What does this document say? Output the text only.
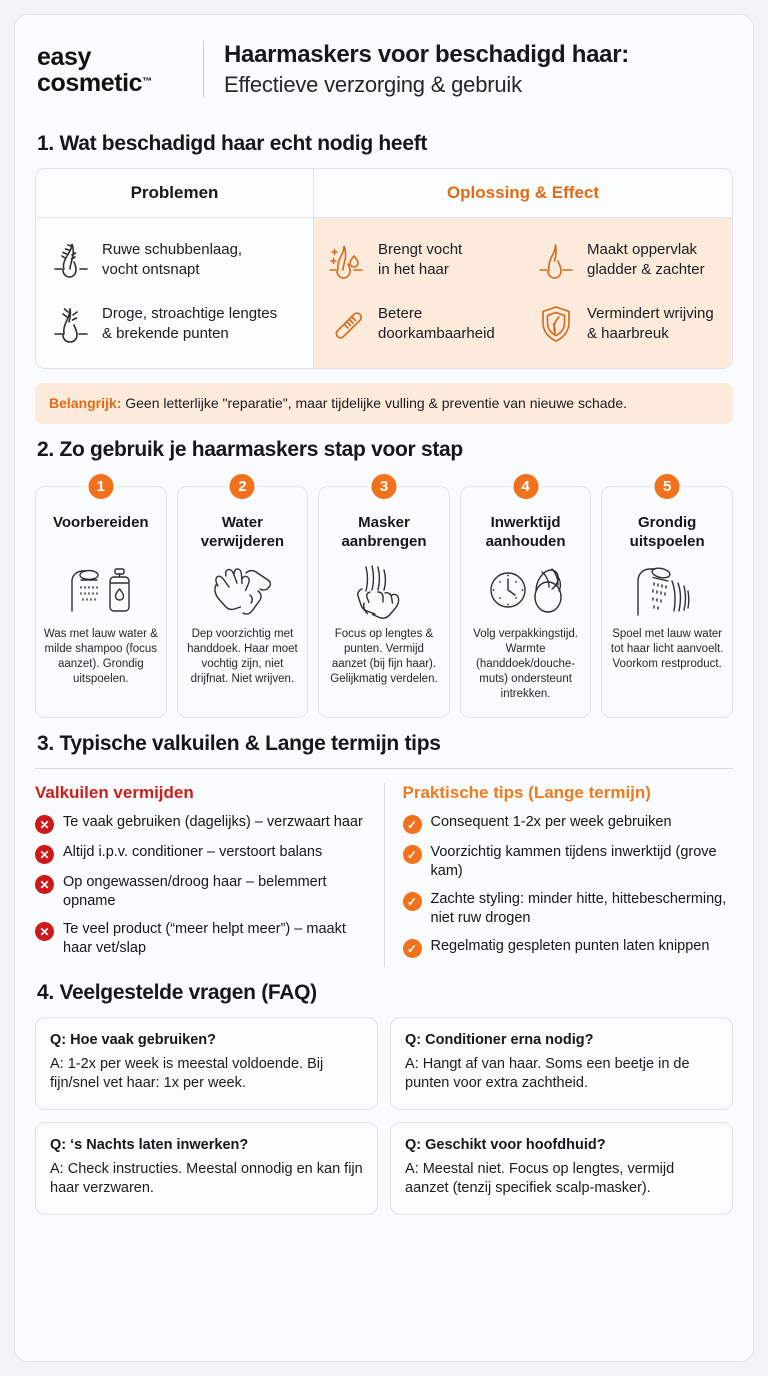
easy
cosmetic™
Haarmaskers voor beschadigd haar:
Effectieve verzorging & gebruik
1. Wat beschadigd haar echt nodig heeft
Problemen	Oplossing & Effect
Ruwe schubbenlaag,
vocht ontsnapt
Droge, stroachtige lengtes
& brekende punten
Brengt vocht
in het haar
Maakt oppervlak
gladder & zachter
Betere
doorkambaarheid
Vermindert wrijving
& haarbreuk
Belangrijk: Geen letterlijke "reparatie", maar tijdelijke vulling & preventie van nieuwe schade.
2. Zo gebruik je haarmaskers stap voor stap
1
Voorbereiden
Was met lauw water & milde shampoo (focus aanzet). Grondig uitspoelen.
2
Water
verwijderen
Dep voorzichtig met handdoek. Haar moet vochtig zijn, niet drijfnat. Niet wrijven.
3
Masker
aanbrengen
Focus op lengtes & punten. Vermijd aanzet (bij fijn haar). Gelijkmatig verdelen.
4
Inwerktijd
aanhouden
Volg verpakkingstijd. Warmte (handdoek/douche-muts) ondersteunt intrekken.
5
Grondig
uitspoelen
Spoel met lauw water tot haar licht aanvoelt. Voorkom restproduct.
3. Typische valkuilen & Lange termijn tips
Valkuilen vermijden
✕ Te vaak gebruiken (dagelijks) – verzwaart haar
✕ Altijd i.p.v. conditioner – verstoort balans
✕ Op ongewassen/droog haar – belemmert opname
✕ Te veel product (“meer helpt meer”) – maakt haar vet/slap
Praktische tips (Lange termijn)
✓ Consequent 1-2x per week gebruiken
✓ Voorzichtig kammen tijdens inwerktijd (grove kam)
✓ Zachte styling: minder hitte, hittebescherming, niet ruw drogen
✓ Regelmatig gespleten punten laten knippen
4. Veelgestelde vragen (FAQ)
Q: Hoe vaak gebruiken?
A: 1-2x per week is meestal voldoende. Bij fijn/snel vet haar: 1x per week.
Q: Conditioner erna nodig?
A: Hangt af van haar. Soms een beetje in de punten voor extra zachtheid.
Q: ‘s Nachts laten inwerken?
A: Check instructies. Meestal onnodig en kan fijn haar verzwaren.
Q: Geschikt voor hoofdhuid?
A: Meestal niet. Focus op lengtes, vermijd aanzet (tenzij specifiek scalp-masker).
